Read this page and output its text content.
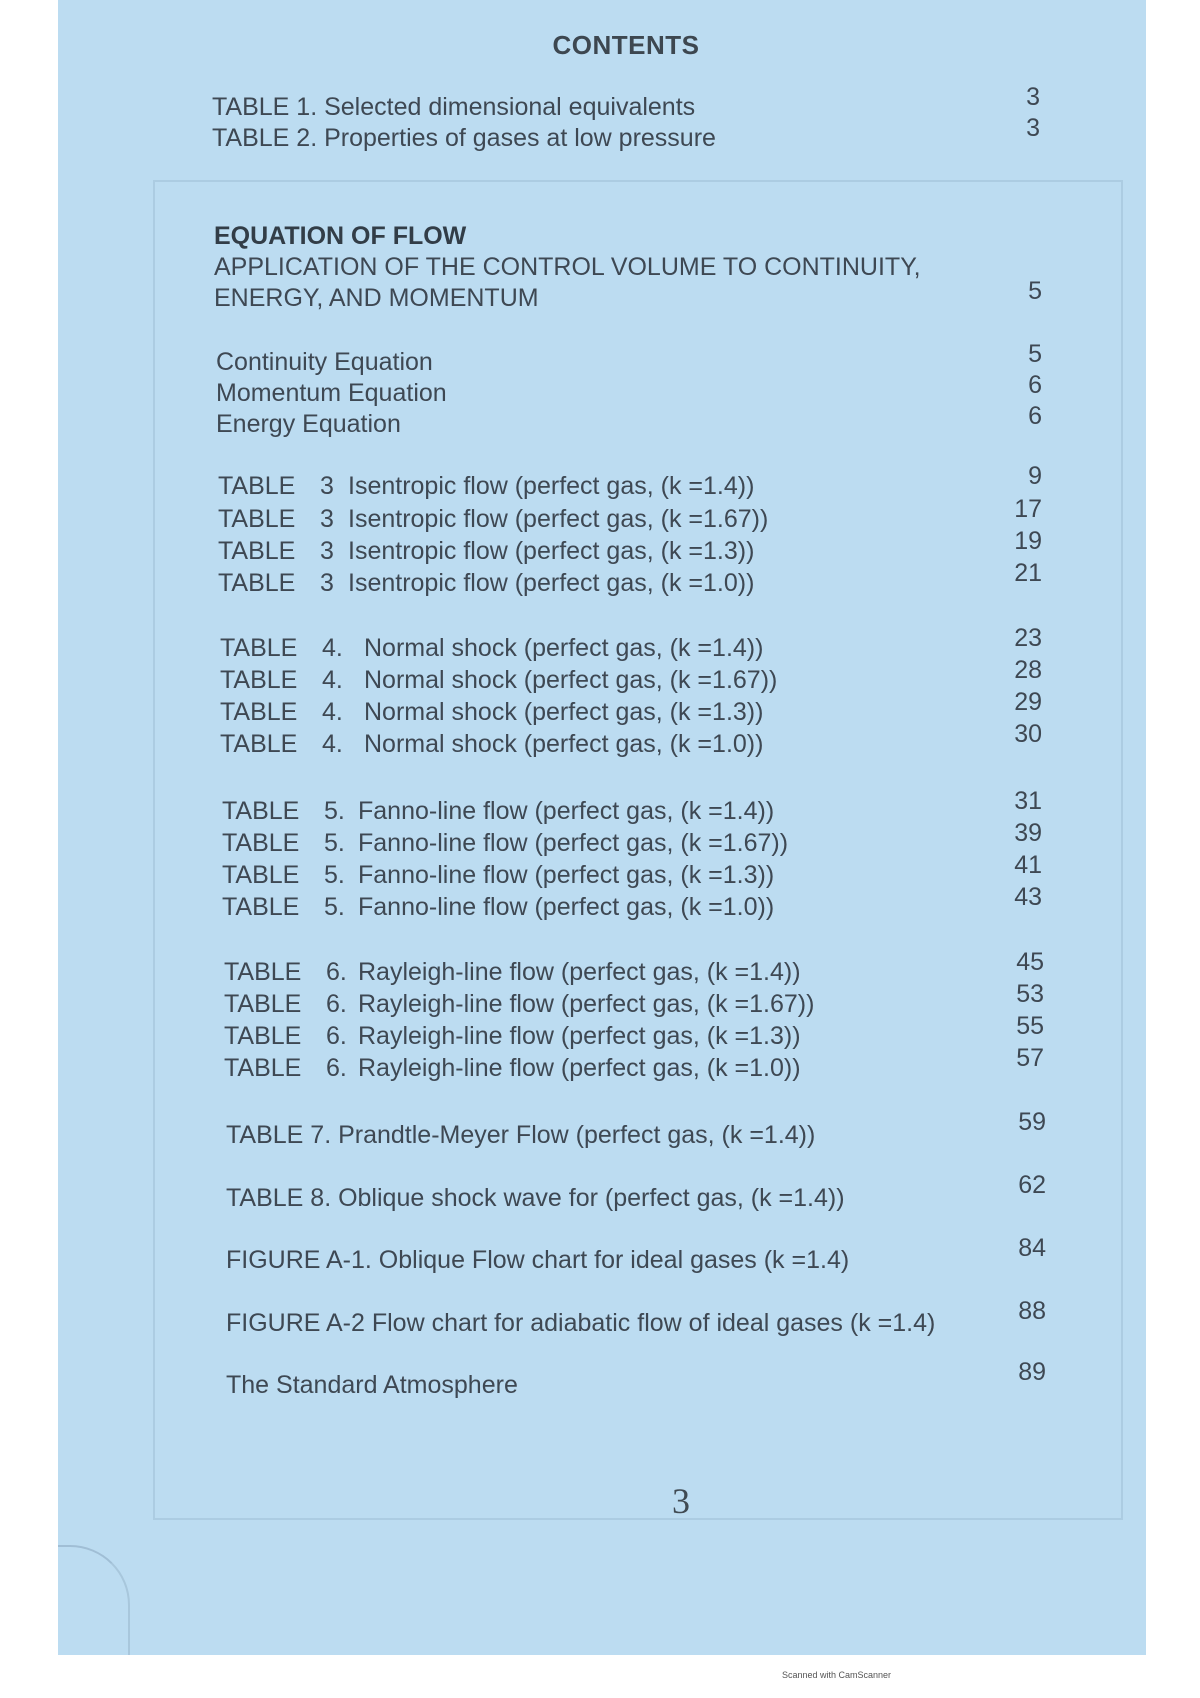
CONTENTS
TABLE 1. Selected dimensional equivalents	3
TABLE 2. Properties of gases at low pressure	3
EQUATION OF FLOW
APPLICATION OF THE CONTROL VOLUME TO CONTINUITY,
ENERGY, AND MOMENTUM	5
Continuity Equation	5
Momentum Equation	6
Energy Equation	6
TABLE 3 Isentropic flow (perfect gas, (k =1.4))	9
TABLE 3 Isentropic flow (perfect gas, (k =1.67))	17
TABLE 3 Isentropic flow (perfect gas, (k =1.3))	19
TABLE 3 Isentropic flow (perfect gas, (k =1.0))	21
TABLE 4. Normal shock (perfect gas, (k =1.4))	23
TABLE 4. Normal shock (perfect gas, (k =1.67))	28
TABLE 4. Normal shock (perfect gas, (k =1.3))	29
TABLE 4. Normal shock (perfect gas, (k =1.0))	30
TABLE 5. Fanno-line flow (perfect gas, (k =1.4))	31
TABLE 5. Fanno-line flow (perfect gas, (k =1.67))	39
TABLE 5. Fanno-line flow (perfect gas, (k =1.3))	41
TABLE 5. Fanno-line flow (perfect gas, (k =1.0))	43
TABLE 6. Rayleigh-line flow (perfect gas, (k =1.4))	45
TABLE 6. Rayleigh-line flow (perfect gas, (k =1.67))	53
TABLE 6. Rayleigh-line flow (perfect gas, (k =1.3))	55
TABLE 6. Rayleigh-line flow (perfect gas, (k =1.0))	57
TABLE 7. Prandtle-Meyer Flow (perfect gas, (k =1.4))	59
TABLE 8. Oblique shock wave for (perfect gas, (k =1.4))	62
FIGURE A-1. Oblique Flow chart for ideal gases (k =1.4)	84
FIGURE A-2 Flow chart for adiabatic flow of ideal gases (k =1.4)	88
The Standard Atmosphere	89
3
Scanned with CamScanner
